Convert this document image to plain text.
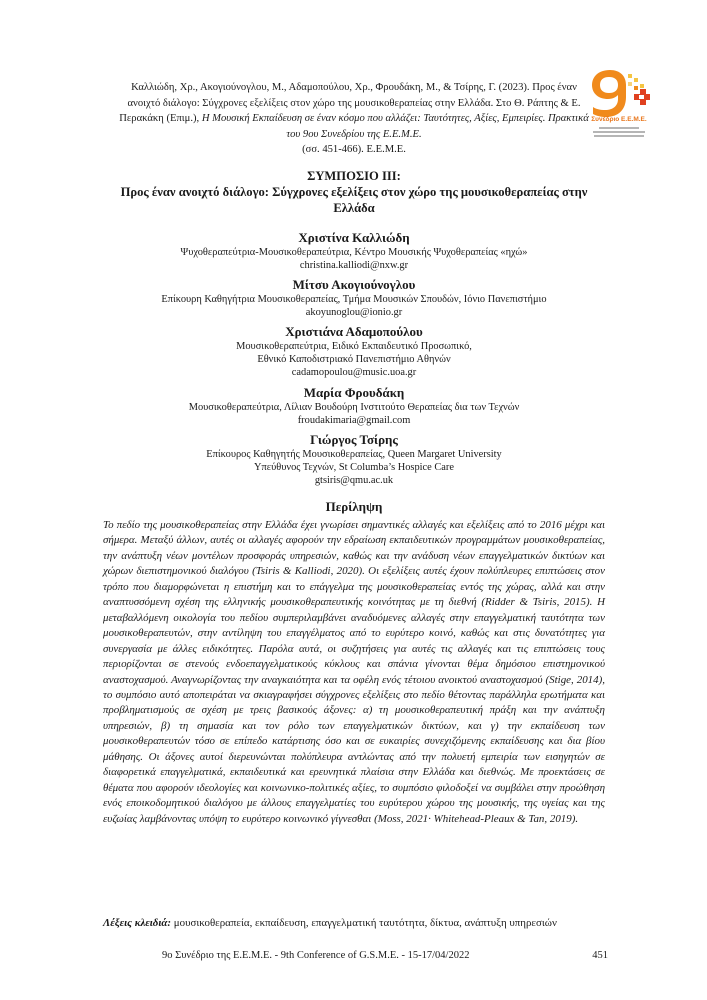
Καλλιώδη, Χρ., Ακογιούνογλου, Μ., Αδαμοπούλου, Χρ., Φρουδάκη, Μ., & Τσίρης, Γ. (2023). Προς έναν ανοιχτό διάλογο: Σύγχρονες εξελίξεις στον χώρο της μουσικοθεραπείας στην Ελλάδα. Στο Θ. Ράπτης & Ε. Περακάκη (Επιμ.), Η Μουσική Εκπαίδευση σε έναν κόσμο που αλλάζει: Ταυτότητες, Αξίες, Εμπειρίες. Πρακτικά του 9ου Συνεδρίου της Ε.Ε.Μ.Ε.
(σσ. 451-466). Ε.Ε.Μ.Ε.
Συνέδριο Ε.Ε.Μ.Ε.
ΣΥΜΠΟΣΙΟ ΙΙΙ:
Προς έναν ανοιχτό διάλογο: Σύγχρονες εξελίξεις στον χώρο της μουσικοθεραπείας στην Ελλάδα
Χριστίνα Καλλιώδη
Ψυχοθεραπεύτρια-Μουσικοθεραπεύτρια, Κέντρο Μουσικής Ψυχοθεραπείας «ηχώ»
christina.kalliodi@nxw.gr
Μίτσυ Ακογιούνογλου
Επίκουρη Καθηγήτρια Μουσικοθεραπείας, Τμήμα Μουσικών Σπουδών, Ιόνιο Πανεπιστήμιο
akoyunoglou@ionio.gr
Χριστιάνα Αδαμοπούλου
Μουσικοθεραπεύτρια, Ειδικό Εκπαιδευτικό Προσωπικό,
Εθνικό Καποδιστριακό Πανεπιστήμιο Αθηνών
cadamopoulou@music.uoa.gr
Μαρία Φρουδάκη
Μουσικοθεραπεύτρια, Λίλιαν Βουδούρη Ινστιτούτο Θεραπείας δια των Τεχνών
froudakimaria@gmail.com
Γιώργος Τσίρης
Επίκουρος Καθηγητής Μουσικοθεραπείας, Queen Margaret University
Υπεύθυνος Τεχνών, St Columba’s Hospice Care
gtsiris@qmu.ac.uk
Περίληψη

Το πεδίο της μουσικοθεραπείας στην Ελλάδα έχει γνωρίσει σημαντικές αλλαγές και εξελίξεις από το 2016 μέχρι και σήμερα. Μεταξύ άλλων, αυτές οι αλλαγές αφορούν την εδραίωση εκπαιδευτικών προγραμμάτων μουσικοθεραπείας, την ανάπτυξη νέων μοντέλων προσφοράς υπηρεσιών, καθώς και την ανάδυση νέων επαγγελματικών δικτύων και χώρων διεπιστημονικού διαλόγου (Tsiris & Kalliodi, 2020). Οι εξελίξεις αυτές έχουν πολύπλευρες επιπτώσεις στον τρόπο που διαμορφώνεται η επιστήμη και το επάγγελμα της μουσικοθεραπείας εντός της χώρας, αλλά και στην αναπτυσσόμενη σχέση της ελληνικής μουσικοθεραπευτικής κοινότητας με τη διεθνή (Ridder & Tsiris, 2015). Η μεταβαλλόμενη οικολογία του πεδίου συμπεριλαμβάνει αναδυόμενες αλλαγές στην επαγγελματική ταυτότητα των μουσικοθεραπευτών, στην αντίληψη του επαγγέλματος από το ευρύτερο κοινό, καθώς και στις δυνατότητες για συνεργασία με άλλες ειδικότητες. Παρόλα αυτά, οι συζητήσεις για αυτές τις αλλαγές και τις επιπτώσεις τους περιορίζονται σε στενούς ενδοεπαγγελματικούς κύκλους και σπάνια γίνονται θέμα δημόσιου επιστημονικού αναστοχασμού. Αναγνωρίζοντας την αναγκαιότητα και τα οφέλη ενός τέτοιου ανοικτού αναστοχασμού (Stige, 2014), το συμπόσιο αυτό αποπειράται να σκιαγραφήσει σύγχρονες εξελίξεις στο πεδίο θέτοντας παράλληλα ερωτήματα και προβληματισμούς σε σχέση με τρεις βασικούς άξονες: α) τη μουσικοθεραπευτική πράξη και την ανάπτυξη υπηρεσιών, β) τη σημασία και τον ρόλο των επαγγελματικών δικτύων, και γ) την εκπαίδευση των μουσικοθεραπευτών τόσο σε επίπεδο κατάρτισης όσο και σε ευκαιρίες συνεχιζόμενης εκπαίδευσης και δια βίου μάθησης. Οι άξονες αυτοί διερευνώνται πολύπλευρα αντλώντας από την πολυετή εμπειρία των εισηγητών σε διαφορετικά επαγγελματικά, εκπαιδευτικά και ερευνητικά πλαίσια στην Ελλάδα και διεθνώς. Με προεκτάσεις σε θέματα που αφορούν ιδεολογίες και κοινωνικο-πολιτικές αξίες, το συμπόσιο φιλοδοξεί να συμβάλει στην προώθηση ενός εποικοδομητικού διαλόγου με άλλους επαγγελματίες του ευρύτερου χώρου της μουσικής, της υγείας και της ευζωίας λαμβάνοντας υπόψη το ευρύτερο κοινωνικό γίγνεσθαι (Moss, 2021· Whitehead-Pleaux & Tan, 2019).

Λέξεις κλειδιά: μουσικοθεραπεία, εκπαίδευση, επαγγελματική ταυτότητα, δίκτυα, ανάπτυξη υπηρεσιών

9ο Συνέδριο της Ε.Ε.Μ.Ε. - 9th Conference of G.S.M.E. - 15-17/04/2022	451
